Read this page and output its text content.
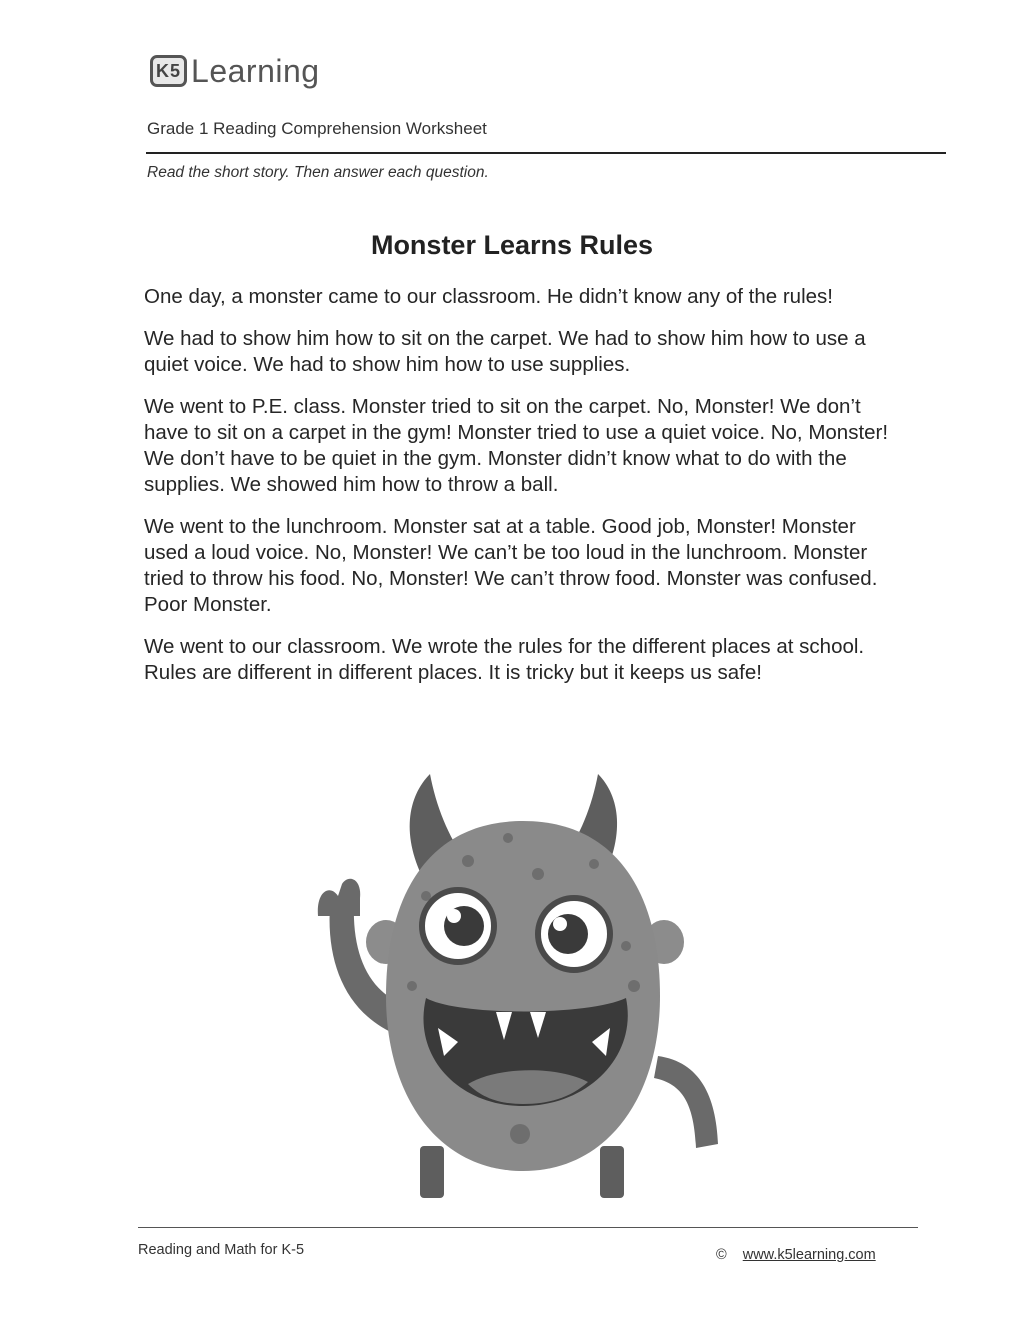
K5 Learning
Grade 1 Reading Comprehension Worksheet
Read the short story. Then answer each question.
Monster Learns Rules

One day, a monster came to our classroom. He didn’t know any of the rules!

We had to show him how to sit on the carpet. We had to show him how to use a quiet voice. We had to show him how to use supplies.

We went to P.E. class. Monster tried to sit on the carpet. No, Monster! We don’t have to sit on a carpet in the gym! Monster tried to use a quiet voice. No, Monster! We don’t have to be quiet in the gym. Monster didn’t know what to do with the supplies. We showed him how to throw a ball.

We went to the lunchroom. Monster sat at a table. Good job, Monster! Monster used a loud voice. No, Monster! We can’t be too loud in the lunchroom. Monster tried to throw his food. No, Monster! We can’t throw food. Monster was confused. Poor Monster.

We went to our classroom. We wrote the rules for the different places at school. Rules are different in different places. It is tricky but it keeps us safe!

Reading and Math for K-5	© www.k5learning.com
